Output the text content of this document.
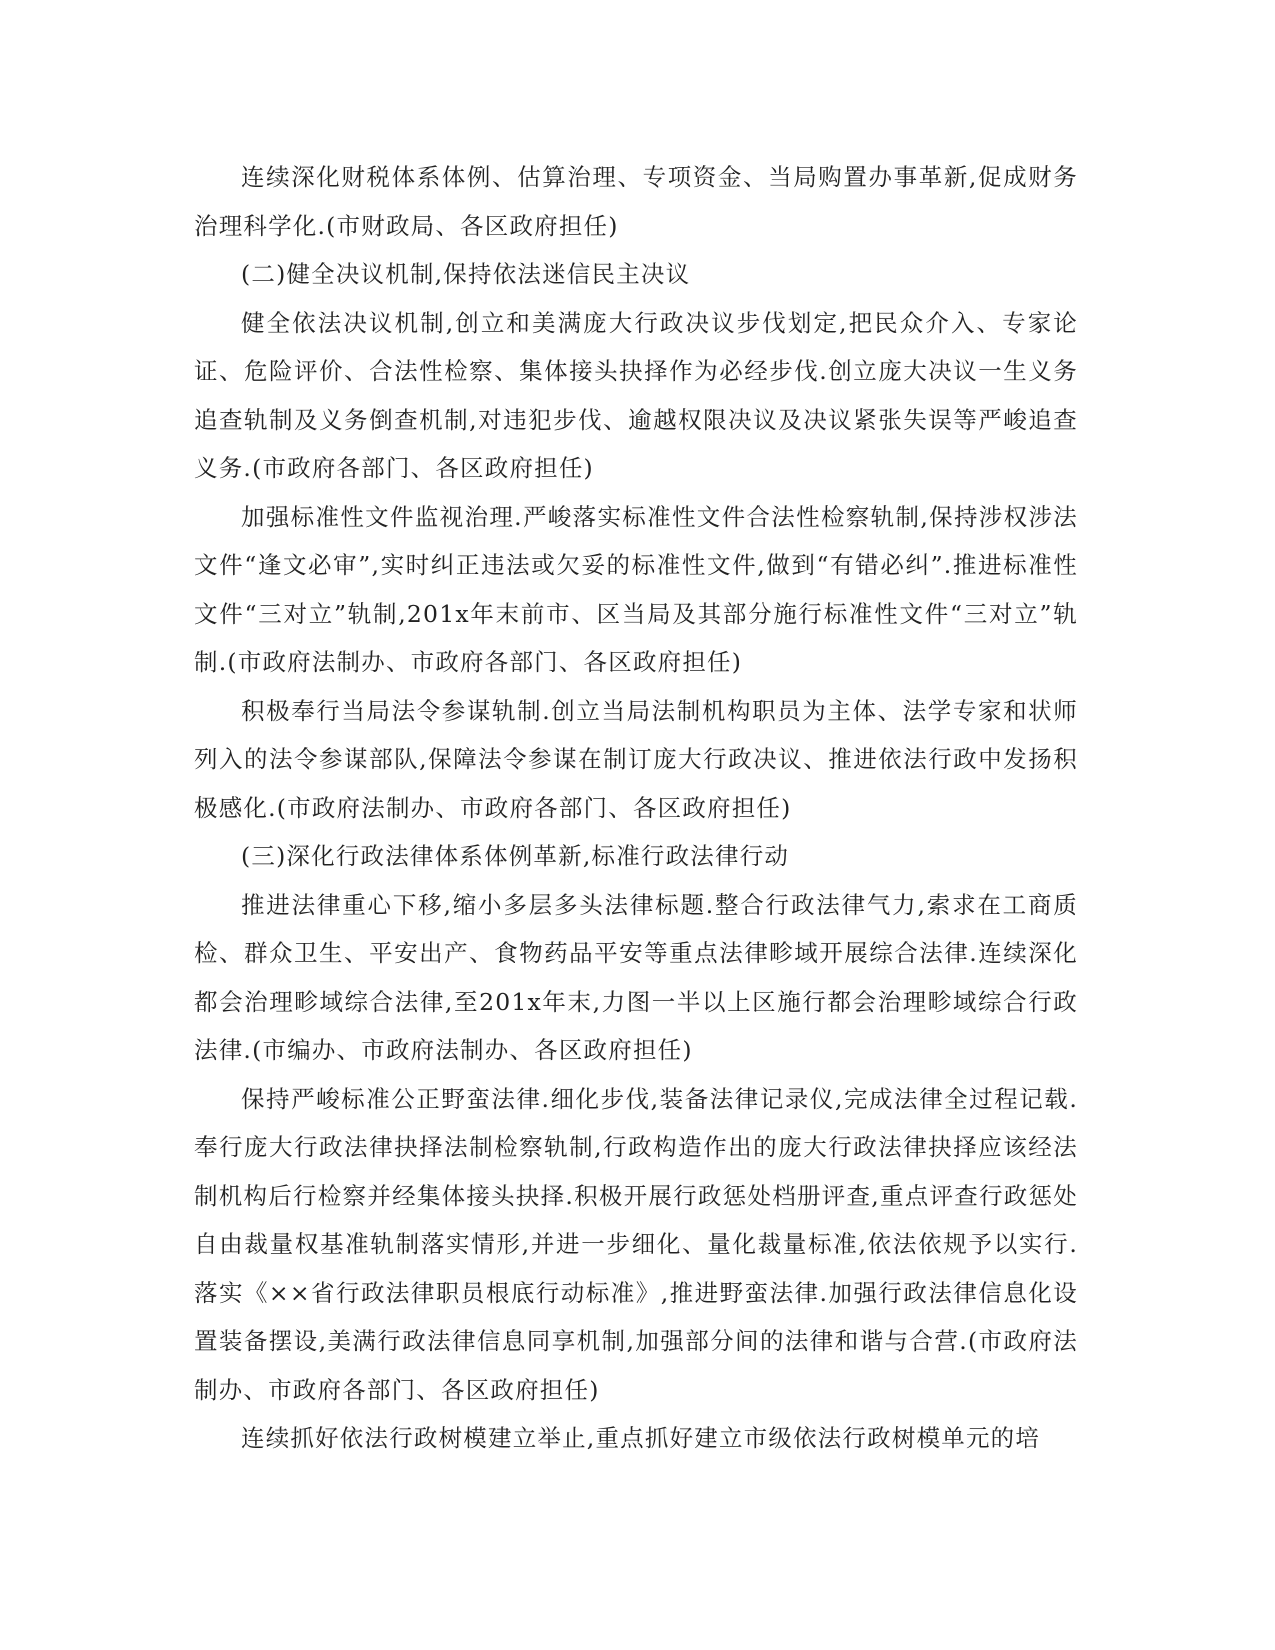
连续深化财税体系体例、估算治理、专项资金、当局购置办事革新,促成财务治理科学化.(市财政局、各区政府担任)

(二)健全决议机制,保持依法迷信民主决议

健全依法决议机制,创立和美满庞大行政决议步伐划定,把民众介入、专家论证、危险评价、合法性检察、集体接头抉择作为必经步伐.创立庞大决议一生义务追查轨制及义务倒查机制,对违犯步伐、逾越权限决议及决议紧张失误等严峻追查义务.(市政府各部门、各区政府担任)

加强标准性文件监视治理.严峻落实标准性文件合法性检察轨制,保持涉权涉法文件“逢文必审”,实时纠正违法或欠妥的标准性文件,做到“有错必纠”.推进标准性文件“三对立”轨制,201x年末前市、区当局及其部分施行标准性文件“三对立”轨制.(市政府法制办、市政府各部门、各区政府担任)

积极奉行当局法令参谋轨制.创立当局法制机构职员为主体、法学专家和状师列入的法令参谋部队,保障法令参谋在制订庞大行政决议、推进依法行政中发扬积极感化.(市政府法制办、市政府各部门、各区政府担任)

(三)深化行政法律体系体例革新,标准行政法律行动

推进法律重心下移,缩小多层多头法律标题.整合行政法律气力,索求在工商质检、群众卫生、平安出产、食物药品平安等重点法律畛域开展综合法律.连续深化都会治理畛域综合法律,至201x年末,力图一半以上区施行都会治理畛域综合行政法律.(市编办、市政府法制办、各区政府担任)

保持严峻标准公正野蛮法律.细化步伐,装备法律记录仪,完成法律全过程记载.奉行庞大行政法律抉择法制检察轨制,行政构造作出的庞大行政法律抉择应该经法制机构后行检察并经集体接头抉择.积极开展行政惩处档册评查,重点评查行政惩处自由裁量权基准轨制落实情形,并进一步细化、量化裁量标准,依法依规予以实行.落实《××省行政法律职员根底行动标准》,推进野蛮法律.加强行政法律信息化设置装备摆设,美满行政法律信息同享机制,加强部分间的法律和谐与合营.(市政府法制办、市政府各部门、各区政府担任)

连续抓好依法行政树模建立举止,重点抓好建立市级依法行政树模单元的培
